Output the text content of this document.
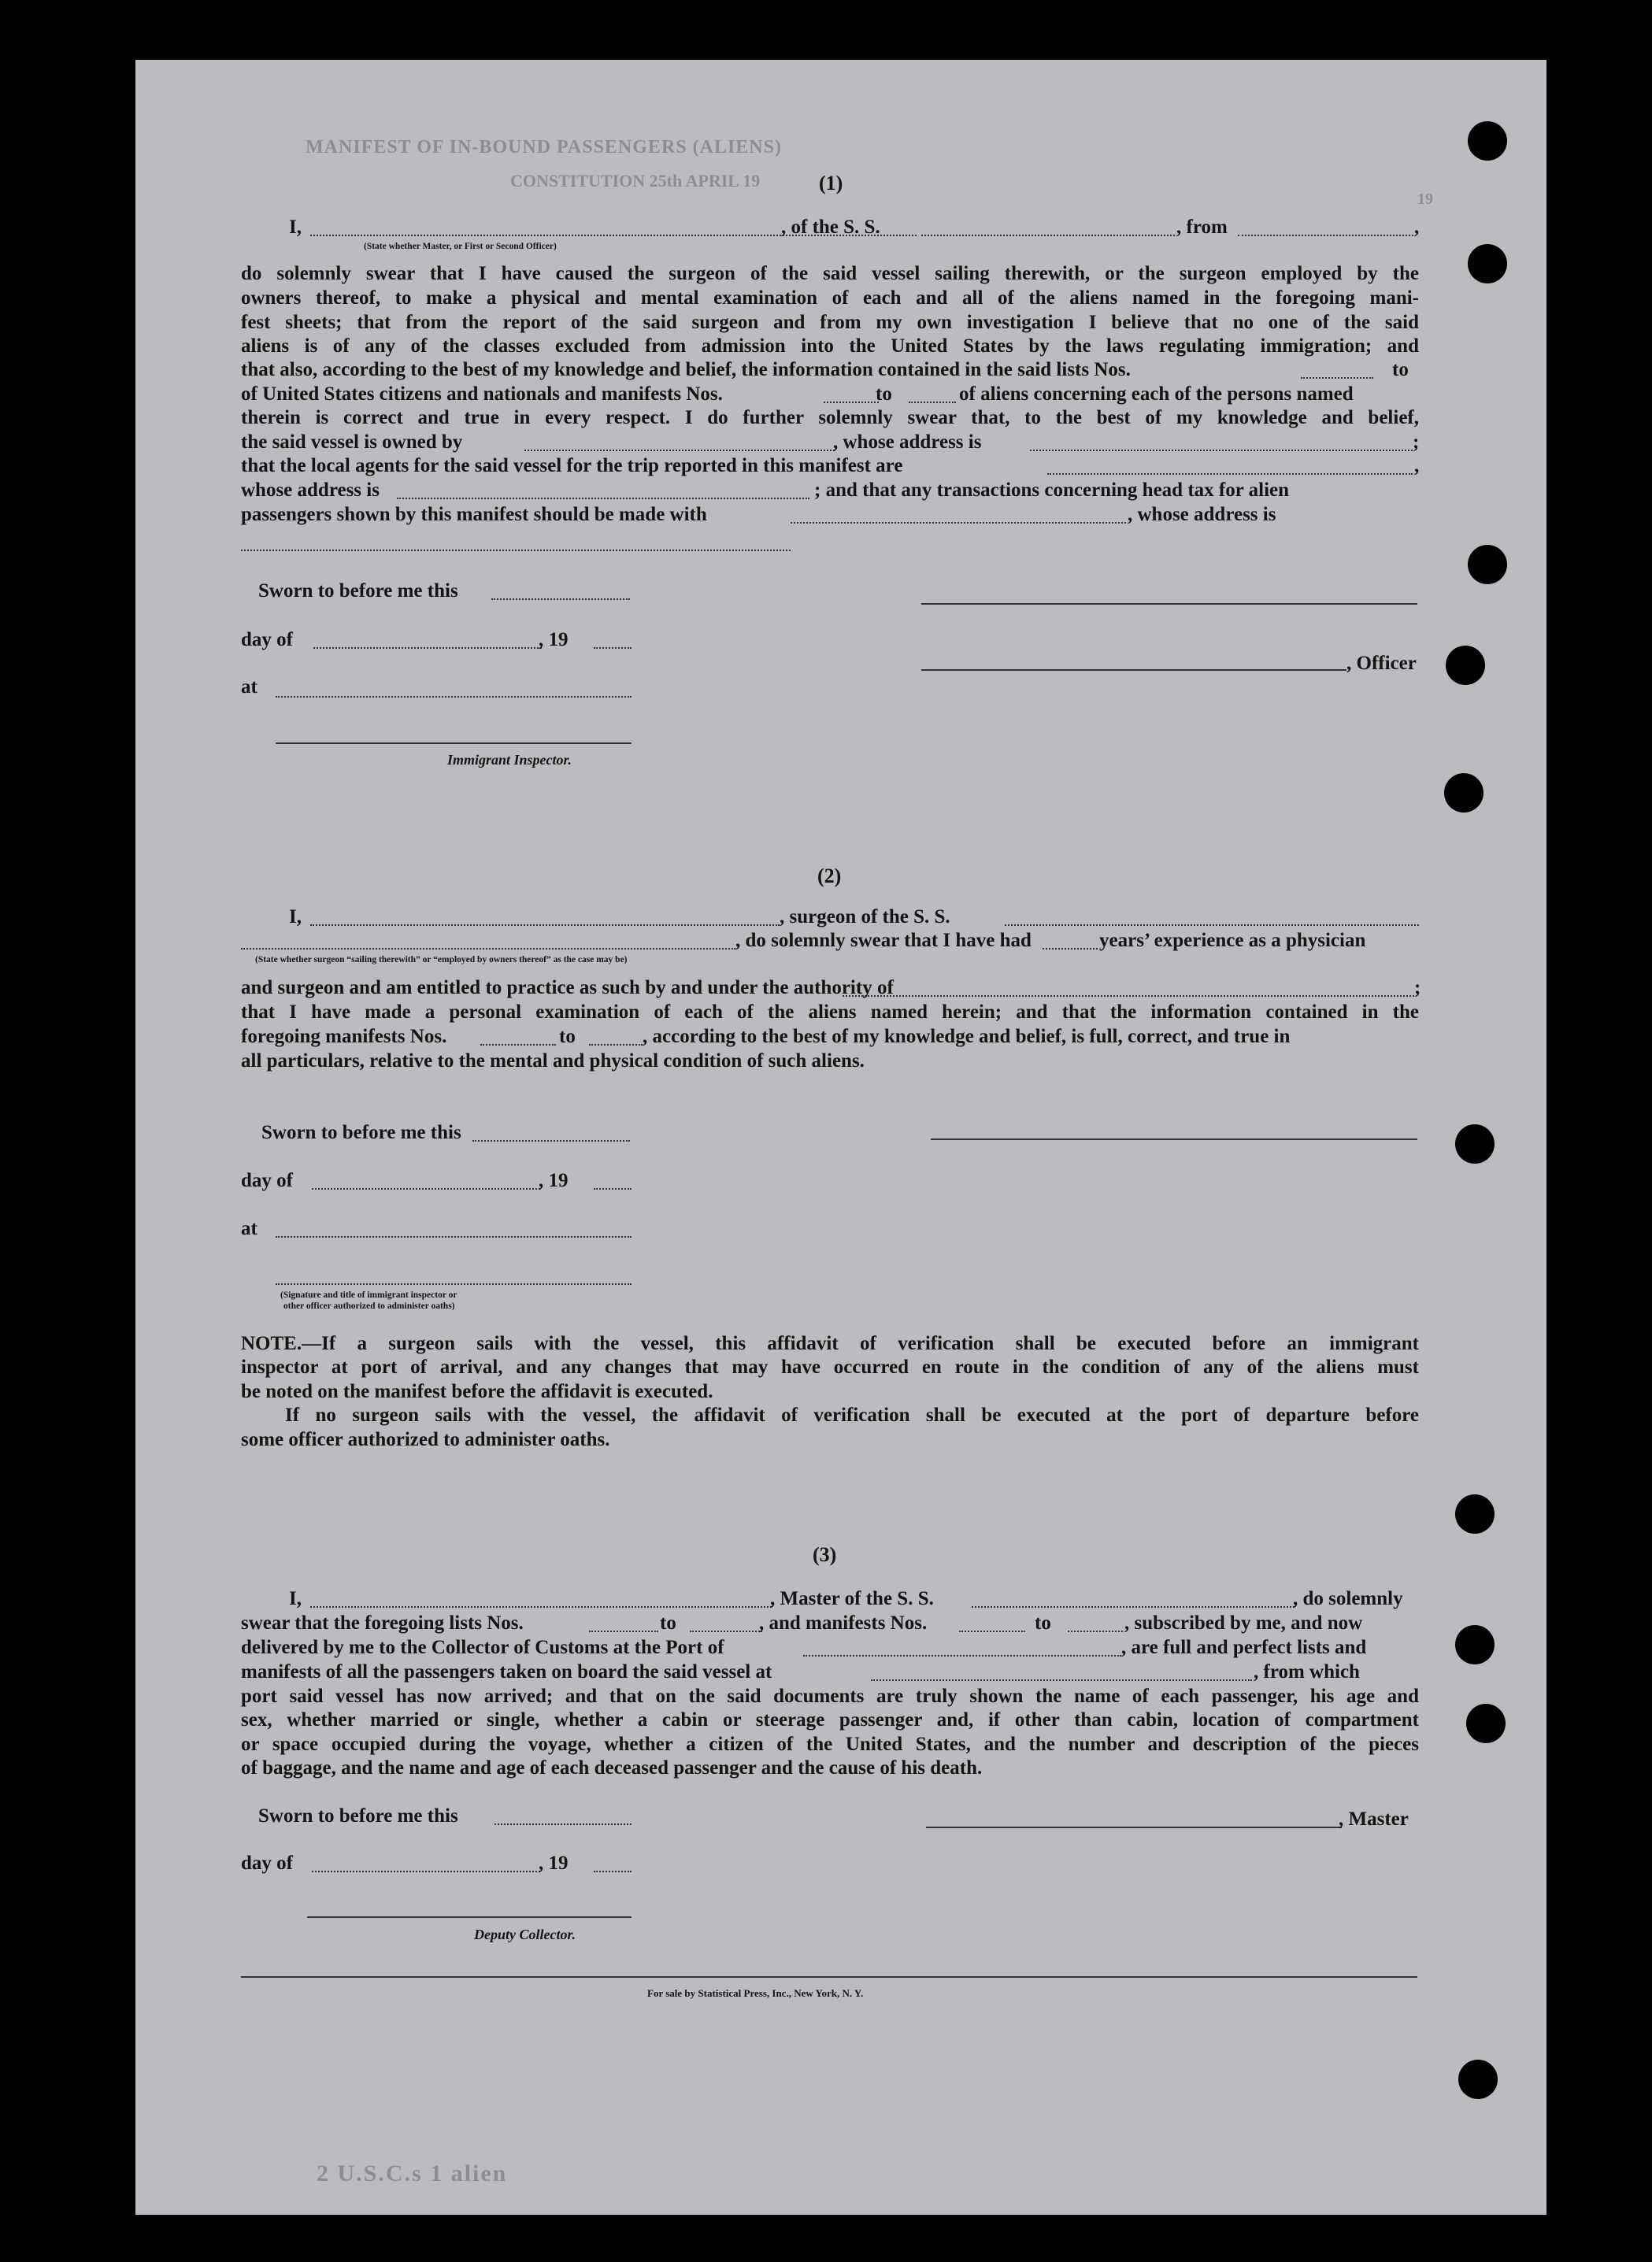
MANIFEST OF IN-BOUND PASSENGERS (ALIENS)
CONSTITUTION 25th APRIL 19
19
2 U.S.C.s 1 alien
(1)
I,
(State whether Master, or First or Second Officer)
, of the S. S.	, from	,
do solemnly swear that I have caused the surgeon of the said vessel sailing therewith, or the surgeon employed by the
owners thereof, to make a physical and mental examination of each and all of the aliens named in the foregoing mani-
fest sheets; that from the report of the said surgeon and from my own investigation I believe that no one of the said
aliens is of any of the classes excluded from admission into the United States by the laws regulating immigration; and
that also, according to the best of my knowledge and belief, the information contained in the said lists Nos.	to
of United States citizens and nationals and manifests Nos.	to	of aliens concerning each of the persons named
therein is correct and true in every respect. I do further solemnly swear that, to the best of my knowledge and belief,
the said vessel is owned by	, whose address is	;
that the local agents for the said vessel for the trip reported in this manifest are	,
whose address is	; and that any transactions concerning head tax for alien
passengers shown by this manifest should be made with	, whose address is
Sworn to before me this
day of	, 19
, Officer
at
Immigrant Inspector.
(2)
I,	, surgeon of the S. S.
, do solemnly swear that I have had	years’ experience as a physician
(State whether surgeon “sailing therewith” or “employed by owners thereof” as the case may be)
and surgeon and am entitled to practice as such by and under the authority of	;
that I have made a personal examination of each of the aliens named herein; and that the information contained in the
foregoing manifests Nos.	to	, according to the best of my knowledge and belief, is full, correct, and true in
all particulars, relative to the mental and physical condition of such aliens.
Sworn to before me this
day of	, 19
at
(Signature and title of immigrant inspector or
other officer authorized to administer oaths)
NOTE.—If a surgeon sails with the vessel, this affidavit of verification shall be executed before an immigrant
inspector at port of arrival, and any changes that may have occurred en route in the condition of any of the aliens must
be noted on the manifest before the affidavit is executed.
If no surgeon sails with the vessel, the affidavit of verification shall be executed at the port of departure before
some officer authorized to administer oaths.
(3)
I,	, Master of the S. S.	, do solemnly
swear that the foregoing lists Nos.	to	, and manifests Nos.	to	, subscribed by me, and now
delivered by me to the Collector of Customs at the Port of	, are full and perfect lists and
manifests of all the passengers taken on board the said vessel at	, from which
port said vessel has now arrived; and that on the said documents are truly shown the name of each passenger, his age and
sex, whether married or single, whether a cabin or steerage passenger and, if other than cabin, location of compartment
or space occupied during the voyage, whether a citizen of the United States, and the number and description of the pieces
of baggage, and the name and age of each deceased passenger and the cause of his death.
Sworn to before me this	, Master
day of	, 19
Deputy Collector.
For sale by Statistical Press, Inc., New York, N. Y.
